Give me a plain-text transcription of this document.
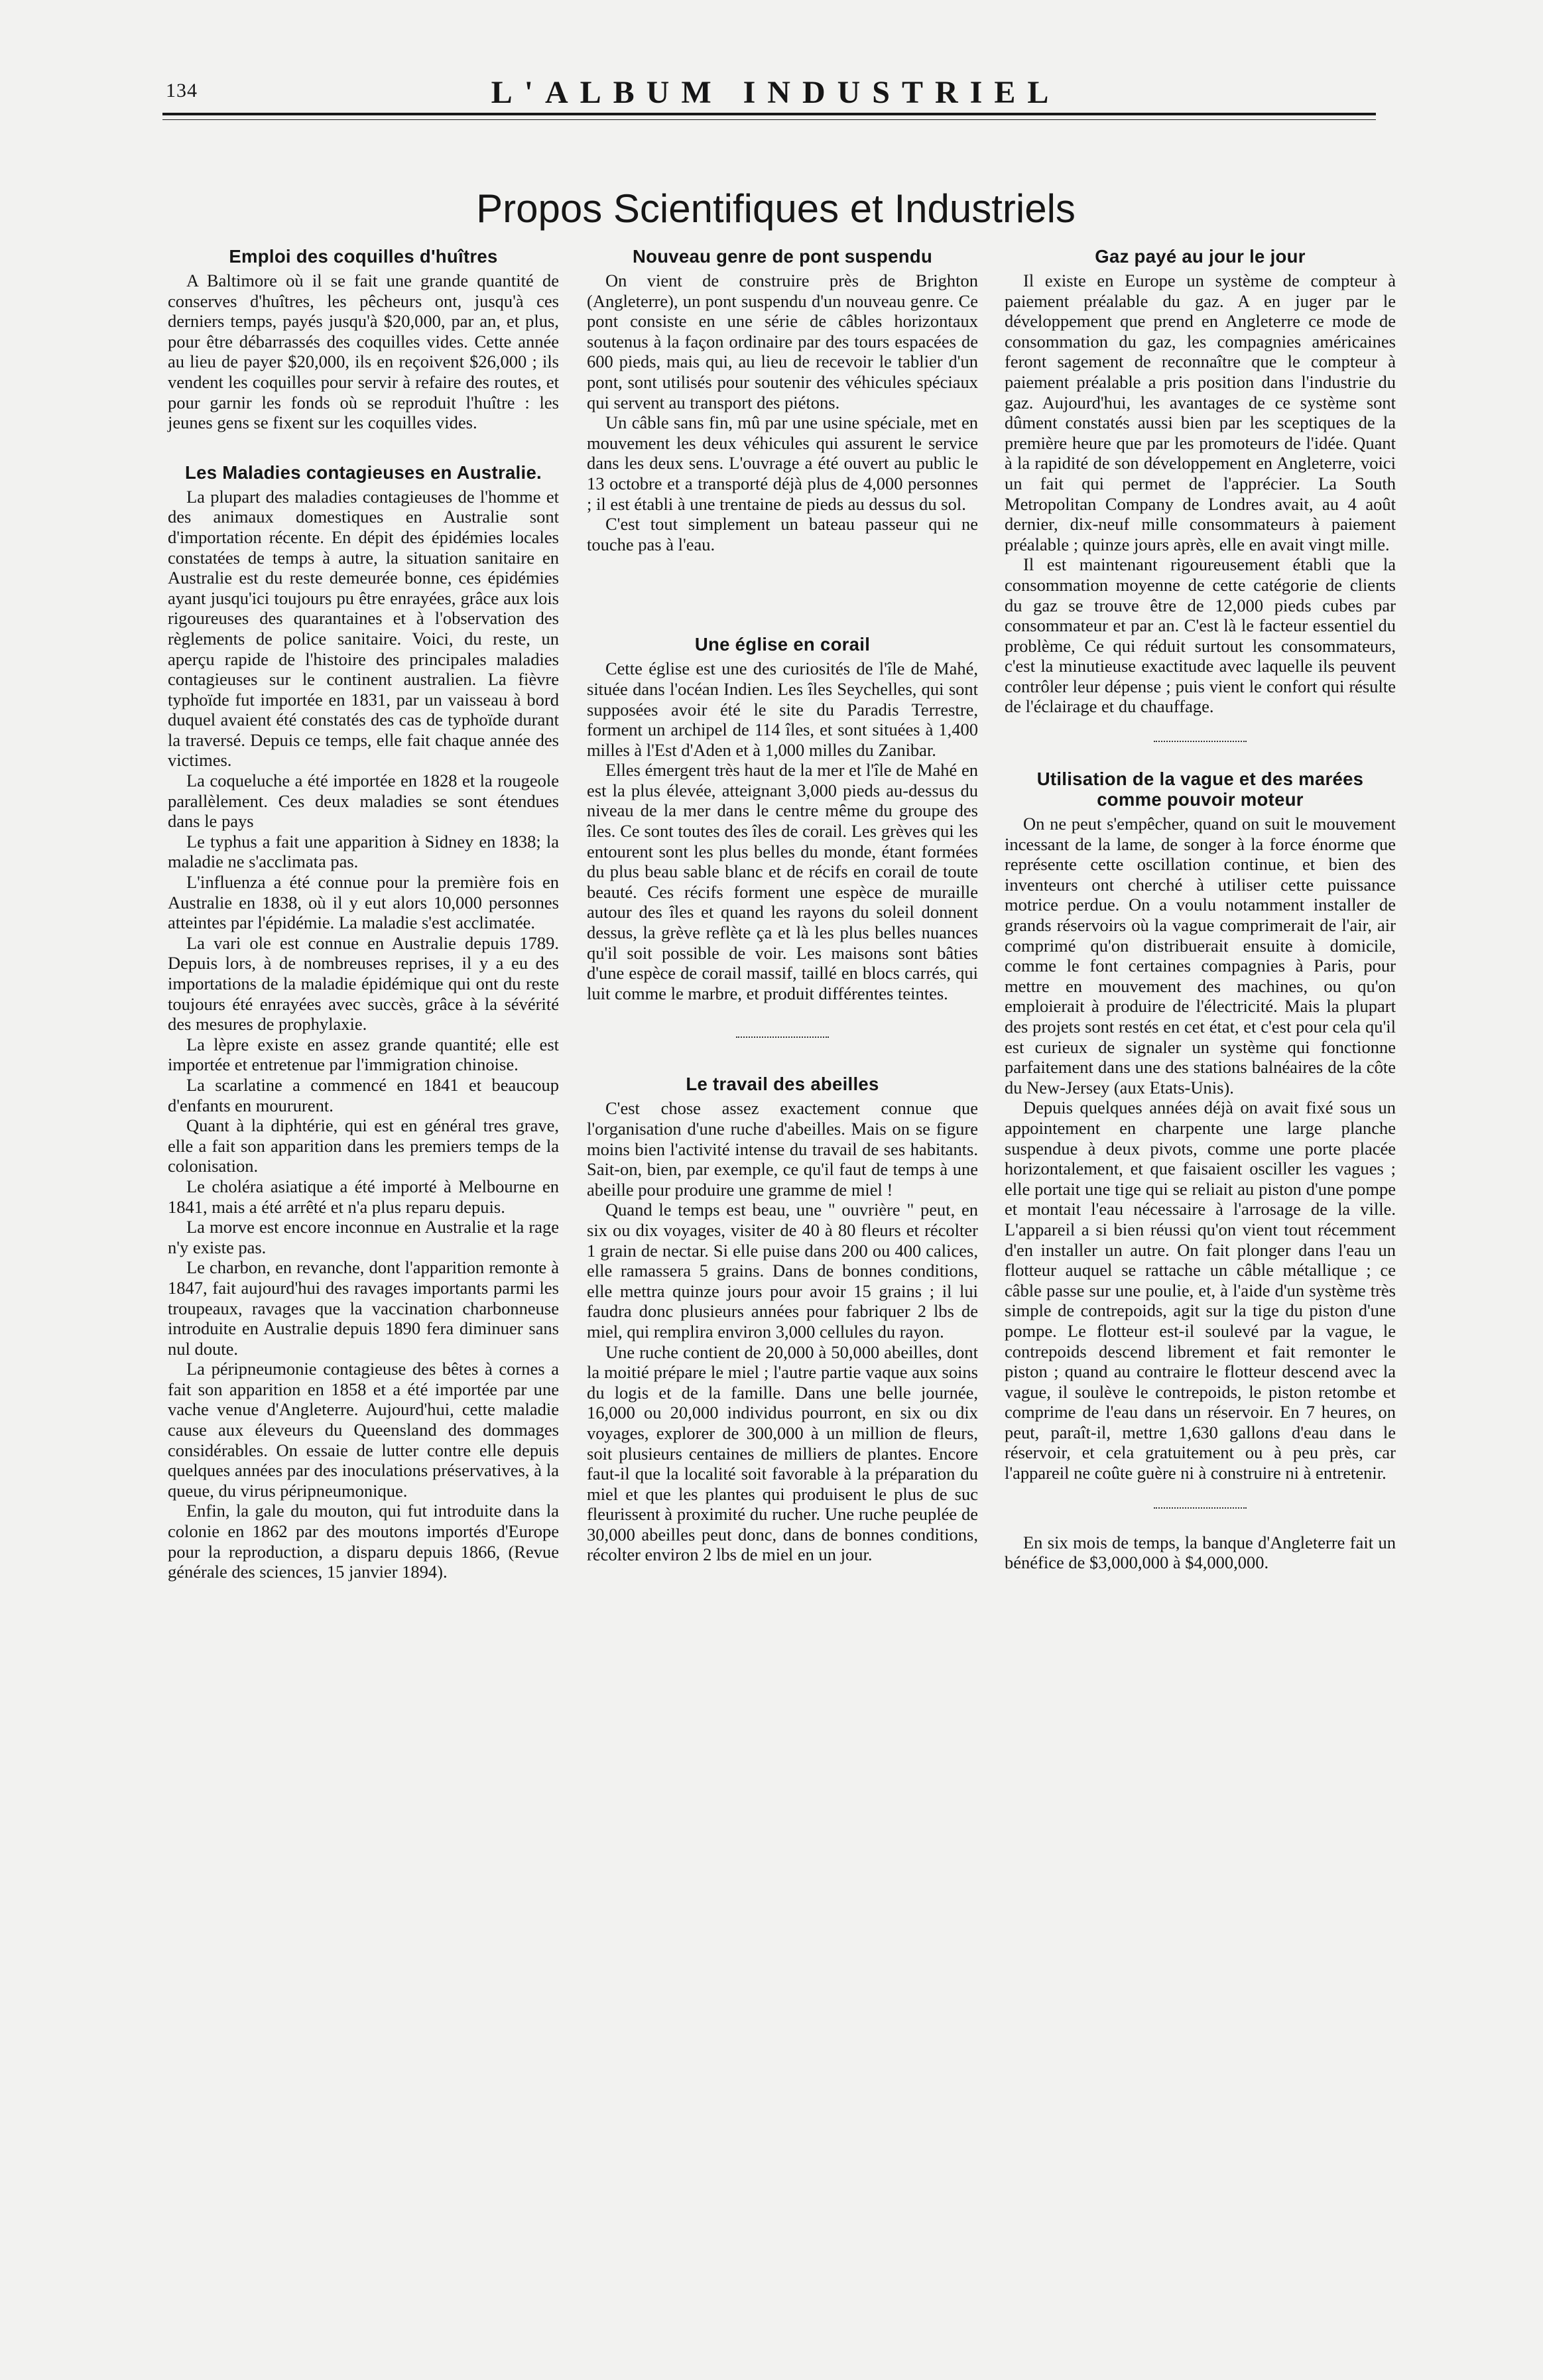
134	L'ALBUM INDUSTRIEL
Propos Scientifiques et Industriels
Emploi des coquilles d'huîtres

A Baltimore où il se fait une grande quantité de conserves d'huîtres, les pêcheurs ont, jusqu'à ces derniers temps, payés jusqu'à $20,000, par an, et plus, pour être débarrassés des coquilles vides. Cette année au lieu de payer $20,000, ils en reçoivent $26,000 ; ils vendent les coquilles pour servir à refaire des routes, et pour garnir les fonds où se reproduit l'huître : les jeunes gens se fixent sur les coquilles vides.

Les Maladies contagieuses en Australie.

La plupart des maladies contagieuses de l'homme et des animaux domestiques en Australie sont d'importation récente. En dépit des épidémies locales constatées de temps à autre, la situation sanitaire en Australie est du reste demeurée bonne, ces épidémies ayant jusqu'ici toujours pu être enrayées, grâce aux lois rigoureuses des quarantaines et à l'observation des règlements de police sanitaire. Voici, du reste, un aperçu rapide de l'histoire des principales maladies contagieuses sur le continent australien. La fièvre typhoïde fut importée en 1831, par un vaisseau à bord duquel avaient été constatés des cas de typhoïde durant la traversé. Depuis ce temps, elle fait chaque année des victimes.

La coqueluche a été importée en 1828 et la rougeole parallèlement. Ces deux maladies se sont étendues dans le pays

Le typhus a fait une apparition à Sidney en 1838; la maladie ne s'acclimata pas.

L'influenza a été connue pour la première fois en Australie en 1838, où il y eut alors 10,000 personnes atteintes par l'épidémie. La maladie s'est acclimatée.

La vari ole est connue en Australie depuis 1789. Depuis lors, à de nombreuses reprises, il y a eu des importations de la maladie épidémique qui ont du reste toujours été enrayées avec succès, grâce à la sévérité des mesures de prophylaxie.

La lèpre existe en assez grande quantité; elle est importée et entretenue par l'immigration chinoise.

La scarlatine a commencé en 1841 et beaucoup d'enfants en moururent.

Quant à la diphtérie, qui est en général tres grave, elle a fait son apparition dans les premiers temps de la colonisation.

Le choléra asiatique a été importé à Melbourne en 1841, mais a été arrêté et n'a plus reparu depuis.

La morve est encore inconnue en Australie et la rage n'y existe pas.

Le charbon, en revanche, dont l'apparition remonte à 1847, fait aujourd'hui des ravages importants parmi les troupeaux, ravages que la vaccination charbonneuse introduite en Australie depuis 1890 fera diminuer sans nul doute.

La péripneumonie contagieuse des bêtes à cornes a fait son apparition en 1858 et a été importée par une vache venue d'Angleterre. Aujourd'hui, cette maladie cause aux éleveurs du Queensland des dommages considérables. On essaie de lutter contre elle depuis quelques années par des inoculations préservatives, à la queue, du virus péripneumonique.

Enfin, la gale du mouton, qui fut introduite dans la colonie en 1862 par des moutons importés d'Europe pour la reproduction, a disparu depuis 1866, (Revue générale des sciences, 15 janvier 1894).

Nouveau genre de pont suspendu

On vient de construire près de Brighton (Angleterre), un pont suspendu d'un nouveau genre. Ce pont consiste en une série de câbles horizontaux soutenus à la façon ordinaire par des tours espacées de 600 pieds, mais qui, au lieu de recevoir le tablier d'un pont, sont utilisés pour soutenir des véhicules spéciaux qui servent au transport des piétons.

Un câble sans fin, mû par une usine spéciale, met en mouvement les deux véhicules qui assurent le service dans les deux sens. L'ouvrage a été ouvert au public le 13 octobre et a transporté déjà plus de 4,000 personnes ; il est établi à une trentaine de pieds au dessus du sol.

C'est tout simplement un bateau passeur qui ne touche pas à l'eau.

Une église en corail

Cette église est une des curiosités de l'île de Mahé, située dans l'océan Indien. Les îles Seychelles, qui sont supposées avoir été le site du Paradis Terrestre, forment un archipel de 114 îles, et sont situées à 1,400 milles à l'Est d'Aden et à 1,000 milles du Zanibar.

Elles émergent très haut de la mer et l'île de Mahé en est la plus élevée, atteignant 3,000 pieds au-dessus du niveau de la mer dans le centre même du groupe des îles. Ce sont toutes des îles de corail. Les grèves qui les entourent sont les plus belles du monde, étant formées du plus beau sable blanc et de récifs en corail de toute beauté. Ces récifs forment une espèce de muraille autour des îles et quand les rayons du soleil donnent dessus, la grève reflète ça et là les plus belles nuances qu'il soit possible de voir. Les maisons sont bâties d'une espèce de corail massif, taillé en blocs carrés, qui luit comme le marbre, et produit différentes teintes.

Le travail des abeilles

C'est chose assez exactement connue que l'organisation d'une ruche d'abeilles. Mais on se figure moins bien l'activité intense du travail de ses habitants. Sait-on, bien, par exemple, ce qu'il faut de temps à une abeille pour produire une gramme de miel !

Quand le temps est beau, une " ouvrière " peut, en six ou dix voyages, visiter de 40 à 80 fleurs et récolter 1 grain de nectar. Si elle puise dans 200 ou 400 calices, elle ramassera 5 grains. Dans de bonnes conditions, elle mettra quinze jours pour avoir 15 grains ; il lui faudra donc plusieurs années pour fabriquer 2 lbs de miel, qui remplira environ 3,000 cellules du rayon.

Une ruche contient de 20,000 à 50,000 abeilles, dont la moitié prépare le miel ; l'autre partie vaque aux soins du logis et de la famille. Dans une belle journée, 16,000 ou 20,000 individus pourront, en six ou dix voyages, explorer de 300,000 à un million de fleurs, soit plusieurs centaines de milliers de plantes. Encore faut-il que la localité soit favorable à la préparation du miel et que les plantes qui produisent le plus de suc fleurissent à proximité du rucher. Une ruche peuplée de 30,000 abeilles peut donc, dans de bonnes conditions, récolter environ 2 lbs de miel en un jour.

Gaz payé au jour le jour

Il existe en Europe un système de compteur à paiement préalable du gaz. A en juger par le développement que prend en Angleterre ce mode de consommation du gaz, les compagnies américaines feront sagement de reconnaître que le compteur à paiement préalable a pris position dans l'industrie du gaz. Aujourd'hui, les avantages de ce système sont dûment constatés aussi bien par les sceptiques de la première heure que par les promoteurs de l'idée. Quant à la rapidité de son développement en Angleterre, voici un fait qui permet de l'apprécier. La South Metropolitan Company de Londres avait, au 4 août dernier, dix-neuf mille consommateurs à paiement préalable ; quinze jours après, elle en avait vingt mille.

Il est maintenant rigoureusement établi que la consommation moyenne de cette catégorie de clients du gaz se trouve être de 12,000 pieds cubes par consommateur et par an. C'est là le facteur essentiel du problème, Ce qui réduit surtout les consommateurs, c'est la minutieuse exactitude avec laquelle ils peuvent contrôler leur dépense ; puis vient le confort qui résulte de l'éclairage et du chauffage.

Utilisation de la vague et des marées comme pouvoir moteur

On ne peut s'empêcher, quand on suit le mouvement incessant de la lame, de songer à la force énorme que représente cette oscillation continue, et bien des inventeurs ont cherché à utiliser cette puissance motrice perdue. On a voulu notamment installer de grands réservoirs où la vague comprimerait de l'air, air comprimé qu'on distribuerait ensuite à domicile, comme le font certaines compagnies à Paris, pour mettre en mouvement des machines, ou qu'on emploierait à produire de l'électricité. Mais la plupart des projets sont restés en cet état, et c'est pour cela qu'il est curieux de signaler un système qui fonctionne parfaitement dans une des stations balnéaires de la côte du New-Jersey (aux Etats-Unis).

Depuis quelques années déjà on avait fixé sous un appointement en charpente une large planche suspendue à deux pivots, comme une porte placée horizontalement, et que faisaient osciller les vagues ; elle portait une tige qui se reliait au piston d'une pompe et montait l'eau nécessaire à l'arrosage de la ville. L'appareil a si bien réussi qu'on vient tout récemment d'en installer un autre. On fait plonger dans l'eau un flotteur auquel se rattache un câble métallique ; ce câble passe sur une poulie, et, à l'aide d'un système très simple de contrepoids, agit sur la tige du piston d'une pompe. Le flotteur est-il soulevé par la vague, le contrepoids descend librement et fait remonter le piston ; quand au contraire le flotteur descend avec la vague, il soulève le contrepoids, le piston retombe et comprime de l'eau dans un réservoir. En 7 heures, on peut, paraît-il, mettre 1,630 gallons d'eau dans le réservoir, et cela gratuitement ou à peu près, car l'appareil ne coûte guère ni à construire ni à entretenir.

En six mois de temps, la banque d'Angleterre fait un bénéfice de $3,000,000 à $4,000,000.
